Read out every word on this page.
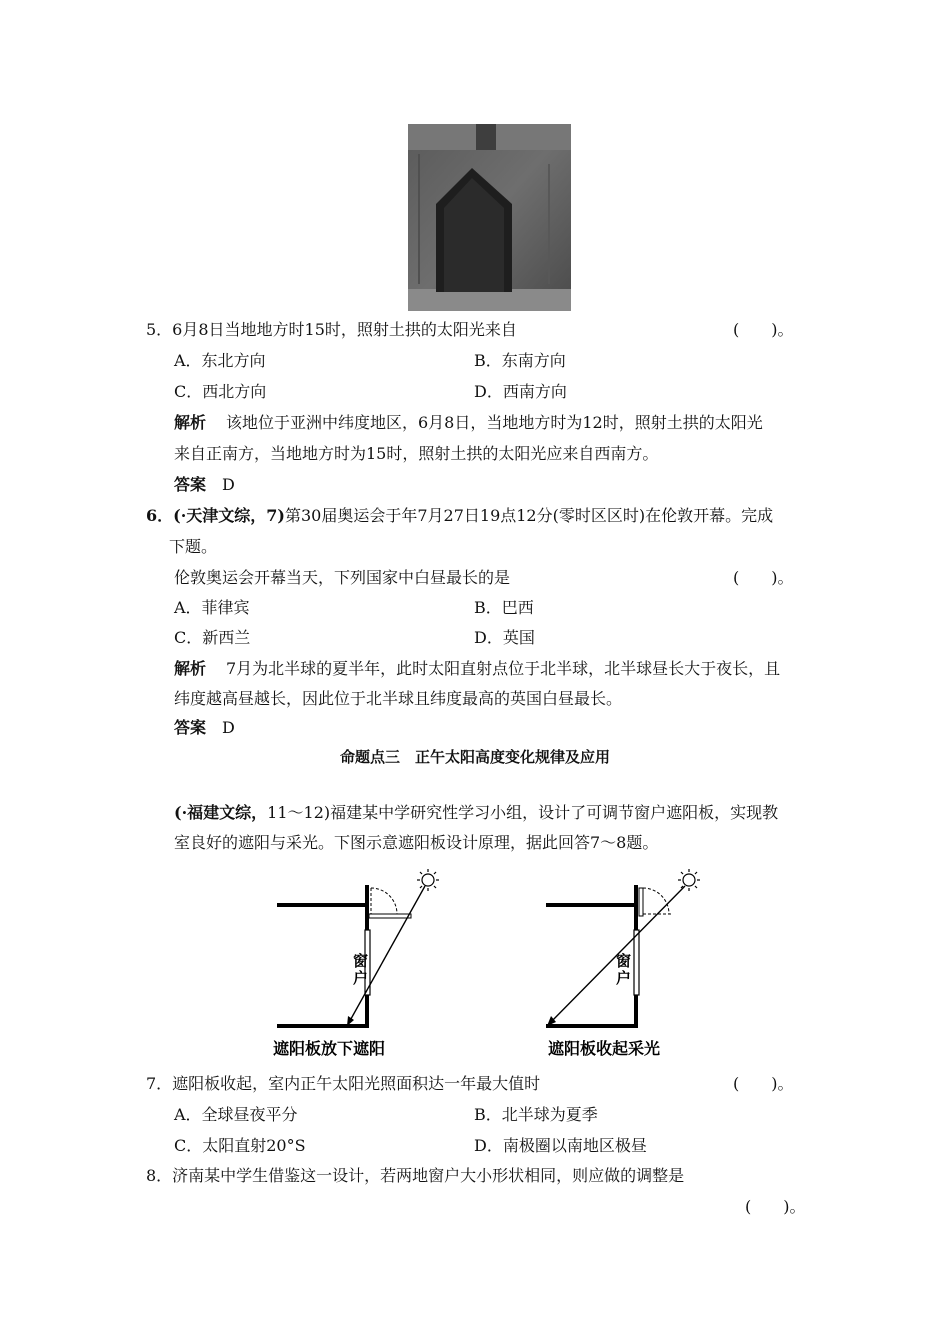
5．6月8日当地地方时15时，照射土拱的太阳光来自	(　　)。
A．东北方向	B．东南方向
C．西北方向	D．西南方向
解析 该地位于亚洲中纬度地区，6月8日，当地地方时为12时，照射土拱的太阳光
来自正南方，当地地方时为15时，照射土拱的太阳光应来自西南方。
答案 D
6．(·天津文综，7)第30届奥运会于年7月27日19点12分(零时区区时)在伦敦开幕。完成
下题。
伦敦奥运会开幕当天，下列国家中白昼最长的是	(　　)。
A．菲律宾	B．巴西
C．新西兰	D．英国
解析 7月为北半球的夏半年，此时太阳直射点位于北半球，北半球昼长大于夜长，且
纬度越高昼越长，因此位于北半球且纬度最高的英国白昼最长。
答案 D
命题点三　正午太阳高度变化规律及应用
(·福建文综，11～12)福建某中学研究性学习小组，设计了可调节窗户遮阳板，实现教
室良好的遮阳与采光。下图示意遮阳板设计原理，据此回答7～8题。
窗
户
遮阳板放下遮阳
窗
户
遮阳板收起采光
7．遮阳板收起，室内正午太阳光照面积达一年最大值时	(　　)。
A．全球昼夜平分	B．北半球为夏季
C．太阳直射20°S	D．南极圈以南地区极昼
8．济南某中学生借鉴这一设计，若两地窗户大小形状相同，则应做的调整是
(　　)。
